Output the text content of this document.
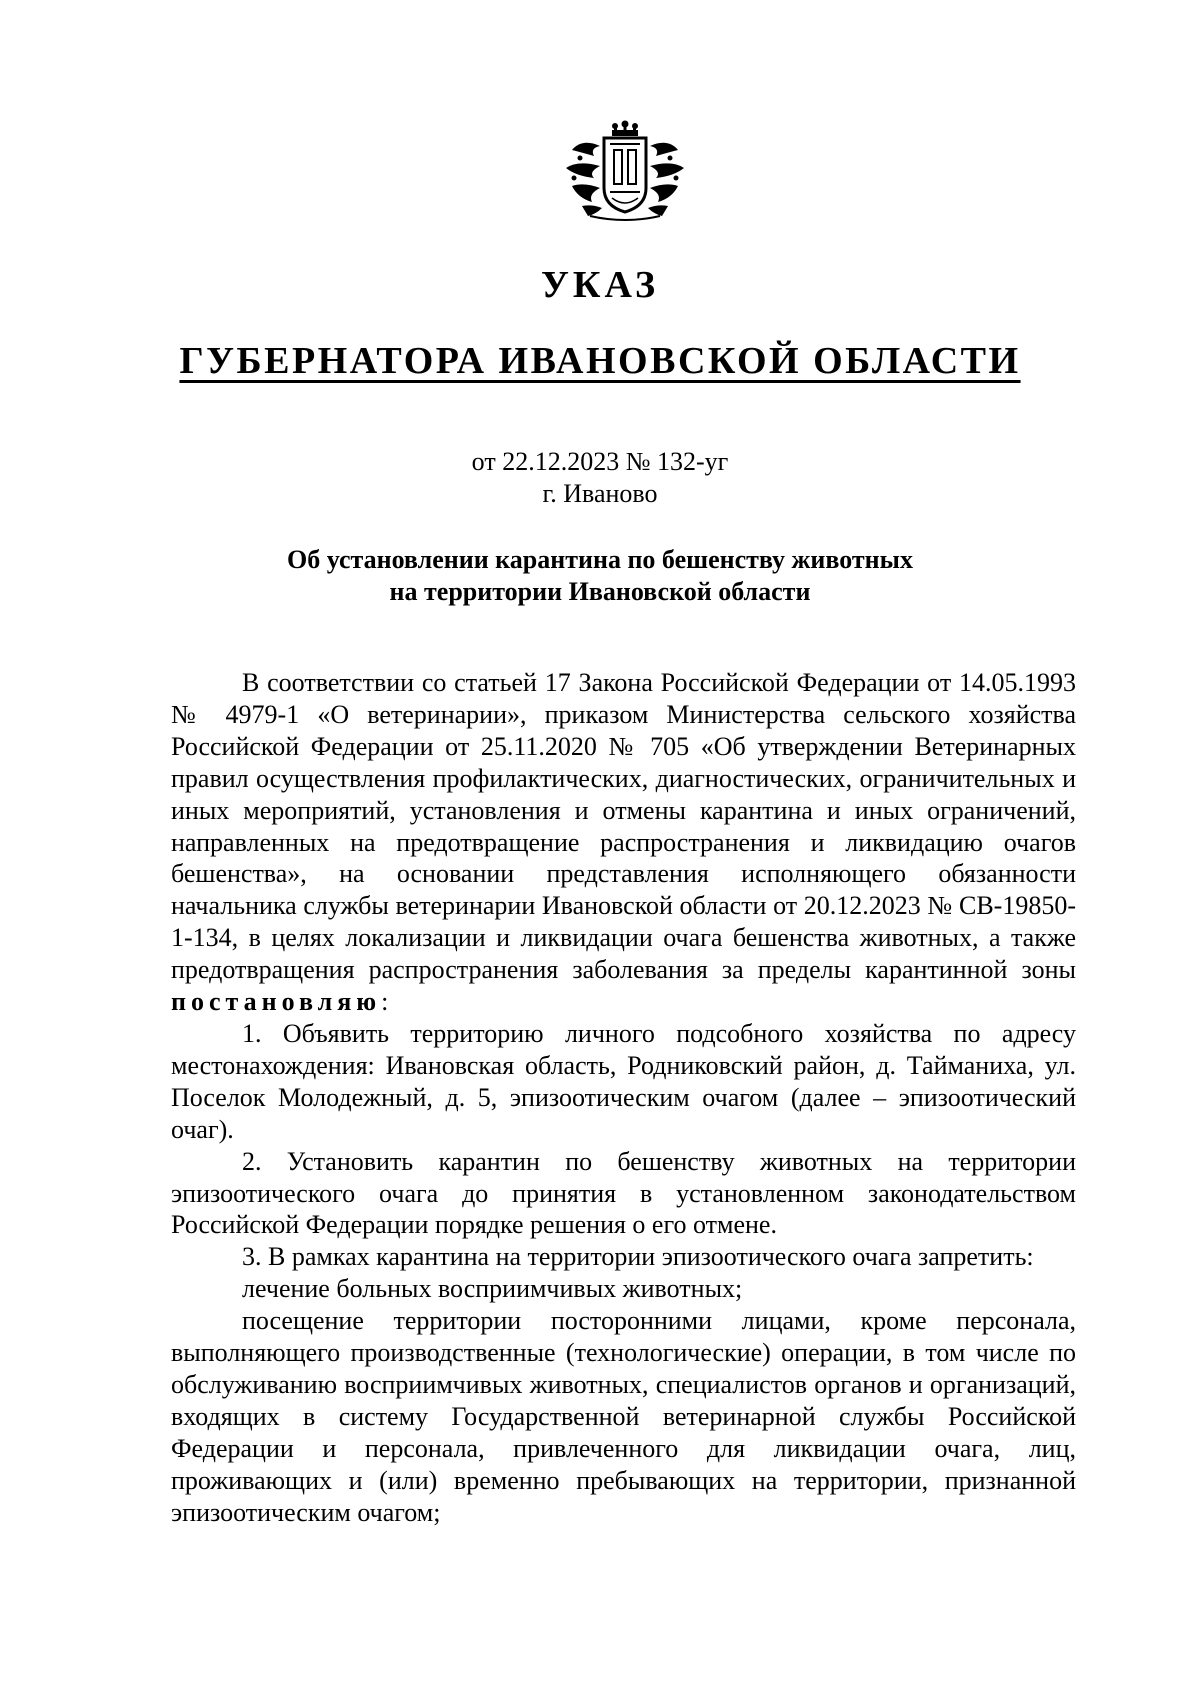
УКАЗ
ГУБЕРНАТОРА ИВАНОВСКОЙ ОБЛАСТИ
от 22.12.2023 № 132-уг
г. Иваново
Об установлении карантина по бешенству животных
на территории Ивановской области

В соответствии со статьей 17 Закона Российской Федерации от 14.05.1993 № 4979-1 «О ветеринарии», приказом Министерства сельского хозяйства Российской Федерации от 25.11.2020 № 705 «Об утверждении Ветеринарных правил осуществления профилактических, диагностических, ограничительных и иных мероприятий, установления и отмены карантина и иных ограничений, направленных на предотвращение распространения и ликвидацию очагов бешенства», на основании представления исполняющего обязанности начальника службы ветеринарии Ивановской области от 20.12.2023 № СВ-19850-1-134, в целях локализации и ликвидации очага бешенства животных, а также предотвращения распространения заболевания за пределы карантинной зоны постановляю:

1. Объявить территорию личного подсобного хозяйства по адресу местонахождения: Ивановская область, Родниковский район, д. Тайманиха, ул. Поселок Молодежный, д. 5, эпизоотическим очагом (далее – эпизоотический очаг).

2. Установить карантин по бешенству животных на территории эпизоотического очага до принятия в установленном законодательством Российской Федерации порядке решения о его отмене.

3. В рамках карантина на территории эпизоотического очага запретить:

лечение больных восприимчивых животных;

посещение территории посторонними лицами, кроме персонала, выполняющего производственные (технологические) операции, в том числе по обслуживанию восприимчивых животных, специалистов органов и организаций, входящих в систему Государственной ветеринарной службы Российской Федерации и персонала, привлеченного для ликвидации очага, лиц, проживающих и (или) временно пребывающих на территории, признанной эпизоотическим очагом;
